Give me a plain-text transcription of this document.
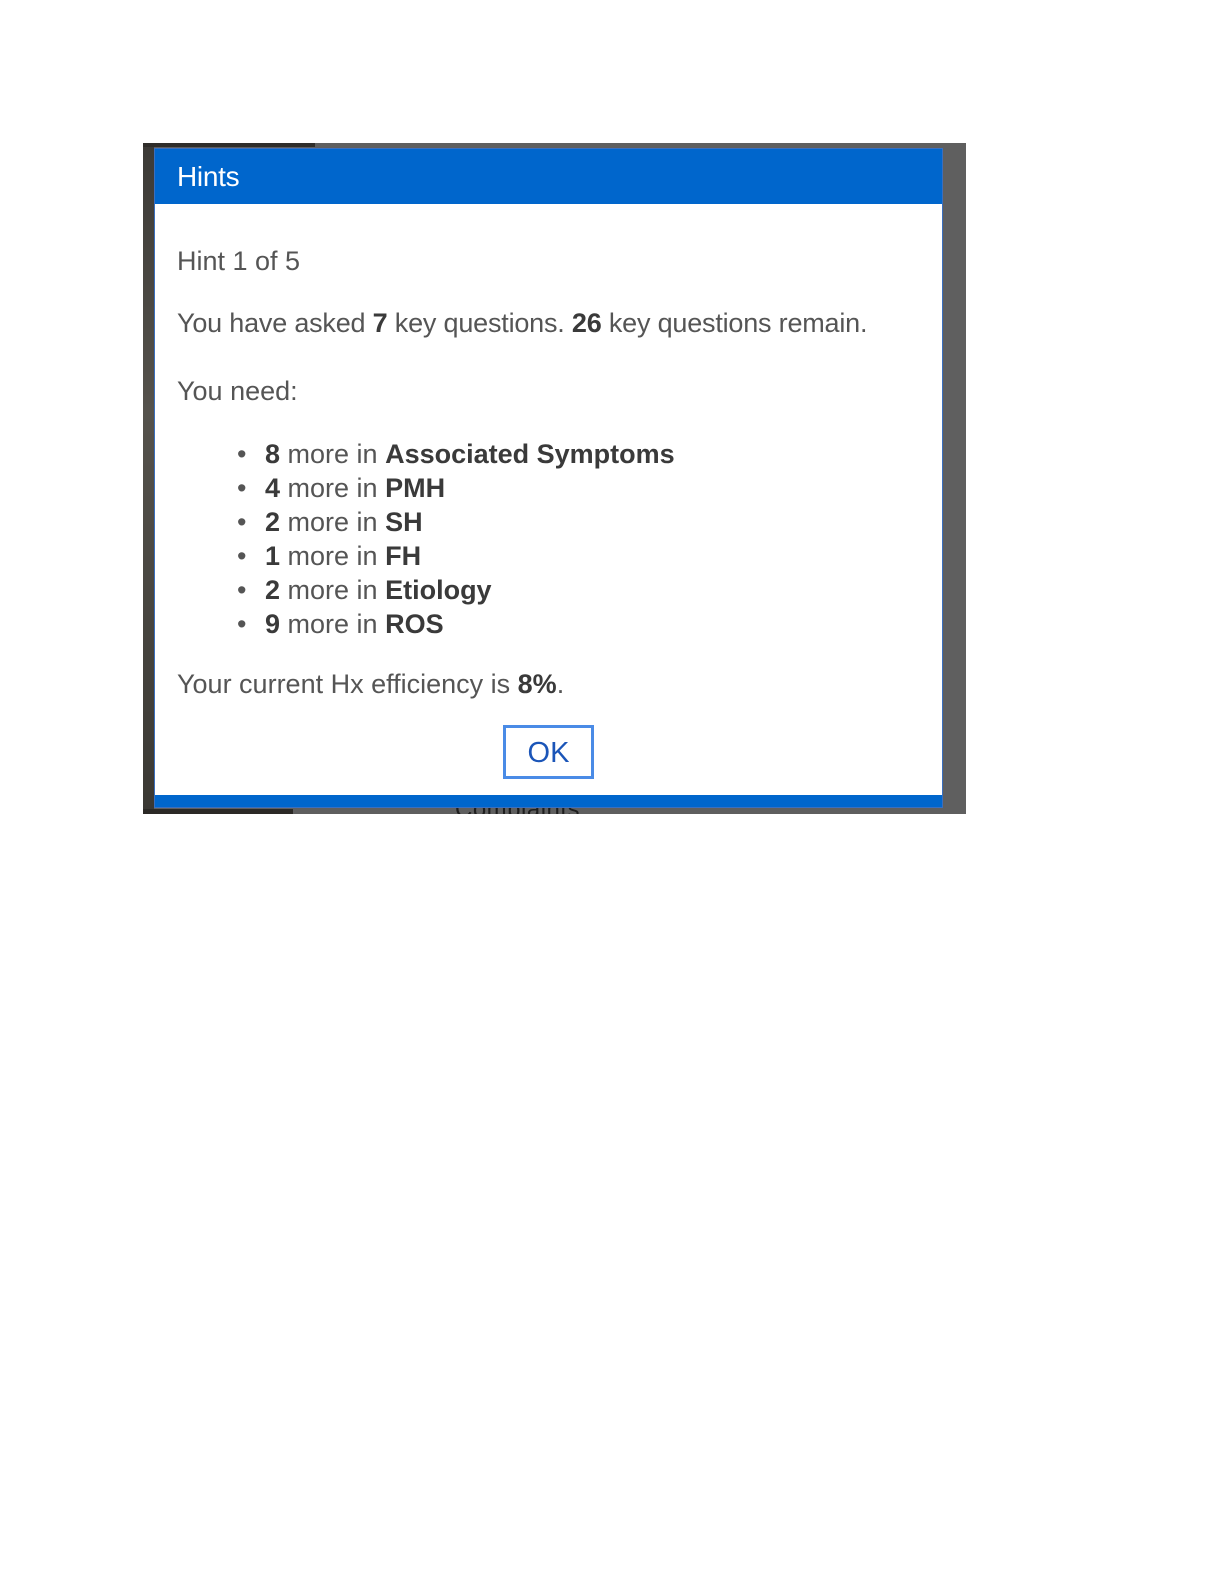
Hints

Hint 1 of 5

You have asked 7 key questions. 26 key questions remain.

You need:

• 8 more in Associated Symptoms
• 4 more in PMH
• 2 more in SH
• 1 more in FH
• 2 more in Etiology
• 9 more in ROS

Your current Hx efficiency is 8%.

OK
